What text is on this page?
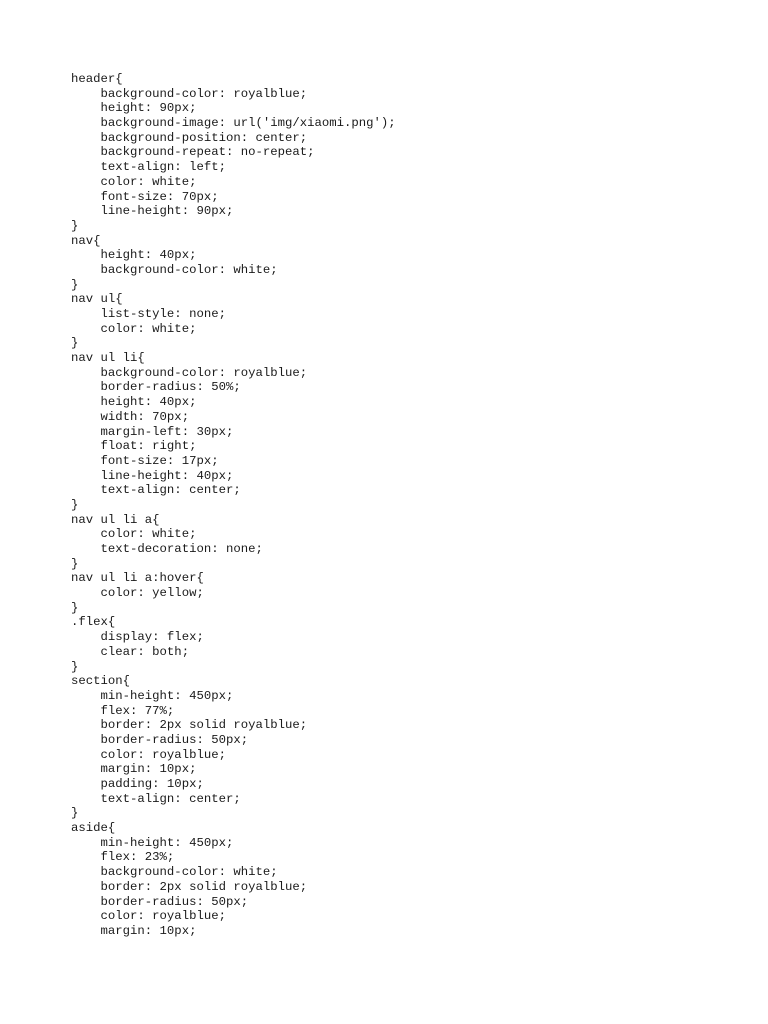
header{
background-color: royalblue;
height: 90px;
background-image: url('img/xiaomi.png');
background-position: center;
background-repeat: no-repeat;
text-align: left;
color: white;
font-size: 70px;
line-height: 90px;
}
nav{
height: 40px;
background-color: white;
}
nav ul{
list-style: none;
color: white;
}
nav ul li{
background-color: royalblue;
border-radius: 50%;
height: 40px;
width: 70px;
margin-left: 30px;
float: right;
font-size: 17px;
line-height: 40px;
text-align: center;
}
nav ul li a{
color: white;
text-decoration: none;
}
nav ul li a:hover{
color: yellow;
}
.flex{
display: flex;
clear: both;
}
section{
min-height: 450px;
flex: 77%;
border: 2px solid royalblue;
border-radius: 50px;
color: royalblue;
margin: 10px;
padding: 10px;
text-align: center;
}
aside{
min-height: 450px;
flex: 23%;
background-color: white;
border: 2px solid royalblue;
border-radius: 50px;
color: royalblue;
margin: 10px;
